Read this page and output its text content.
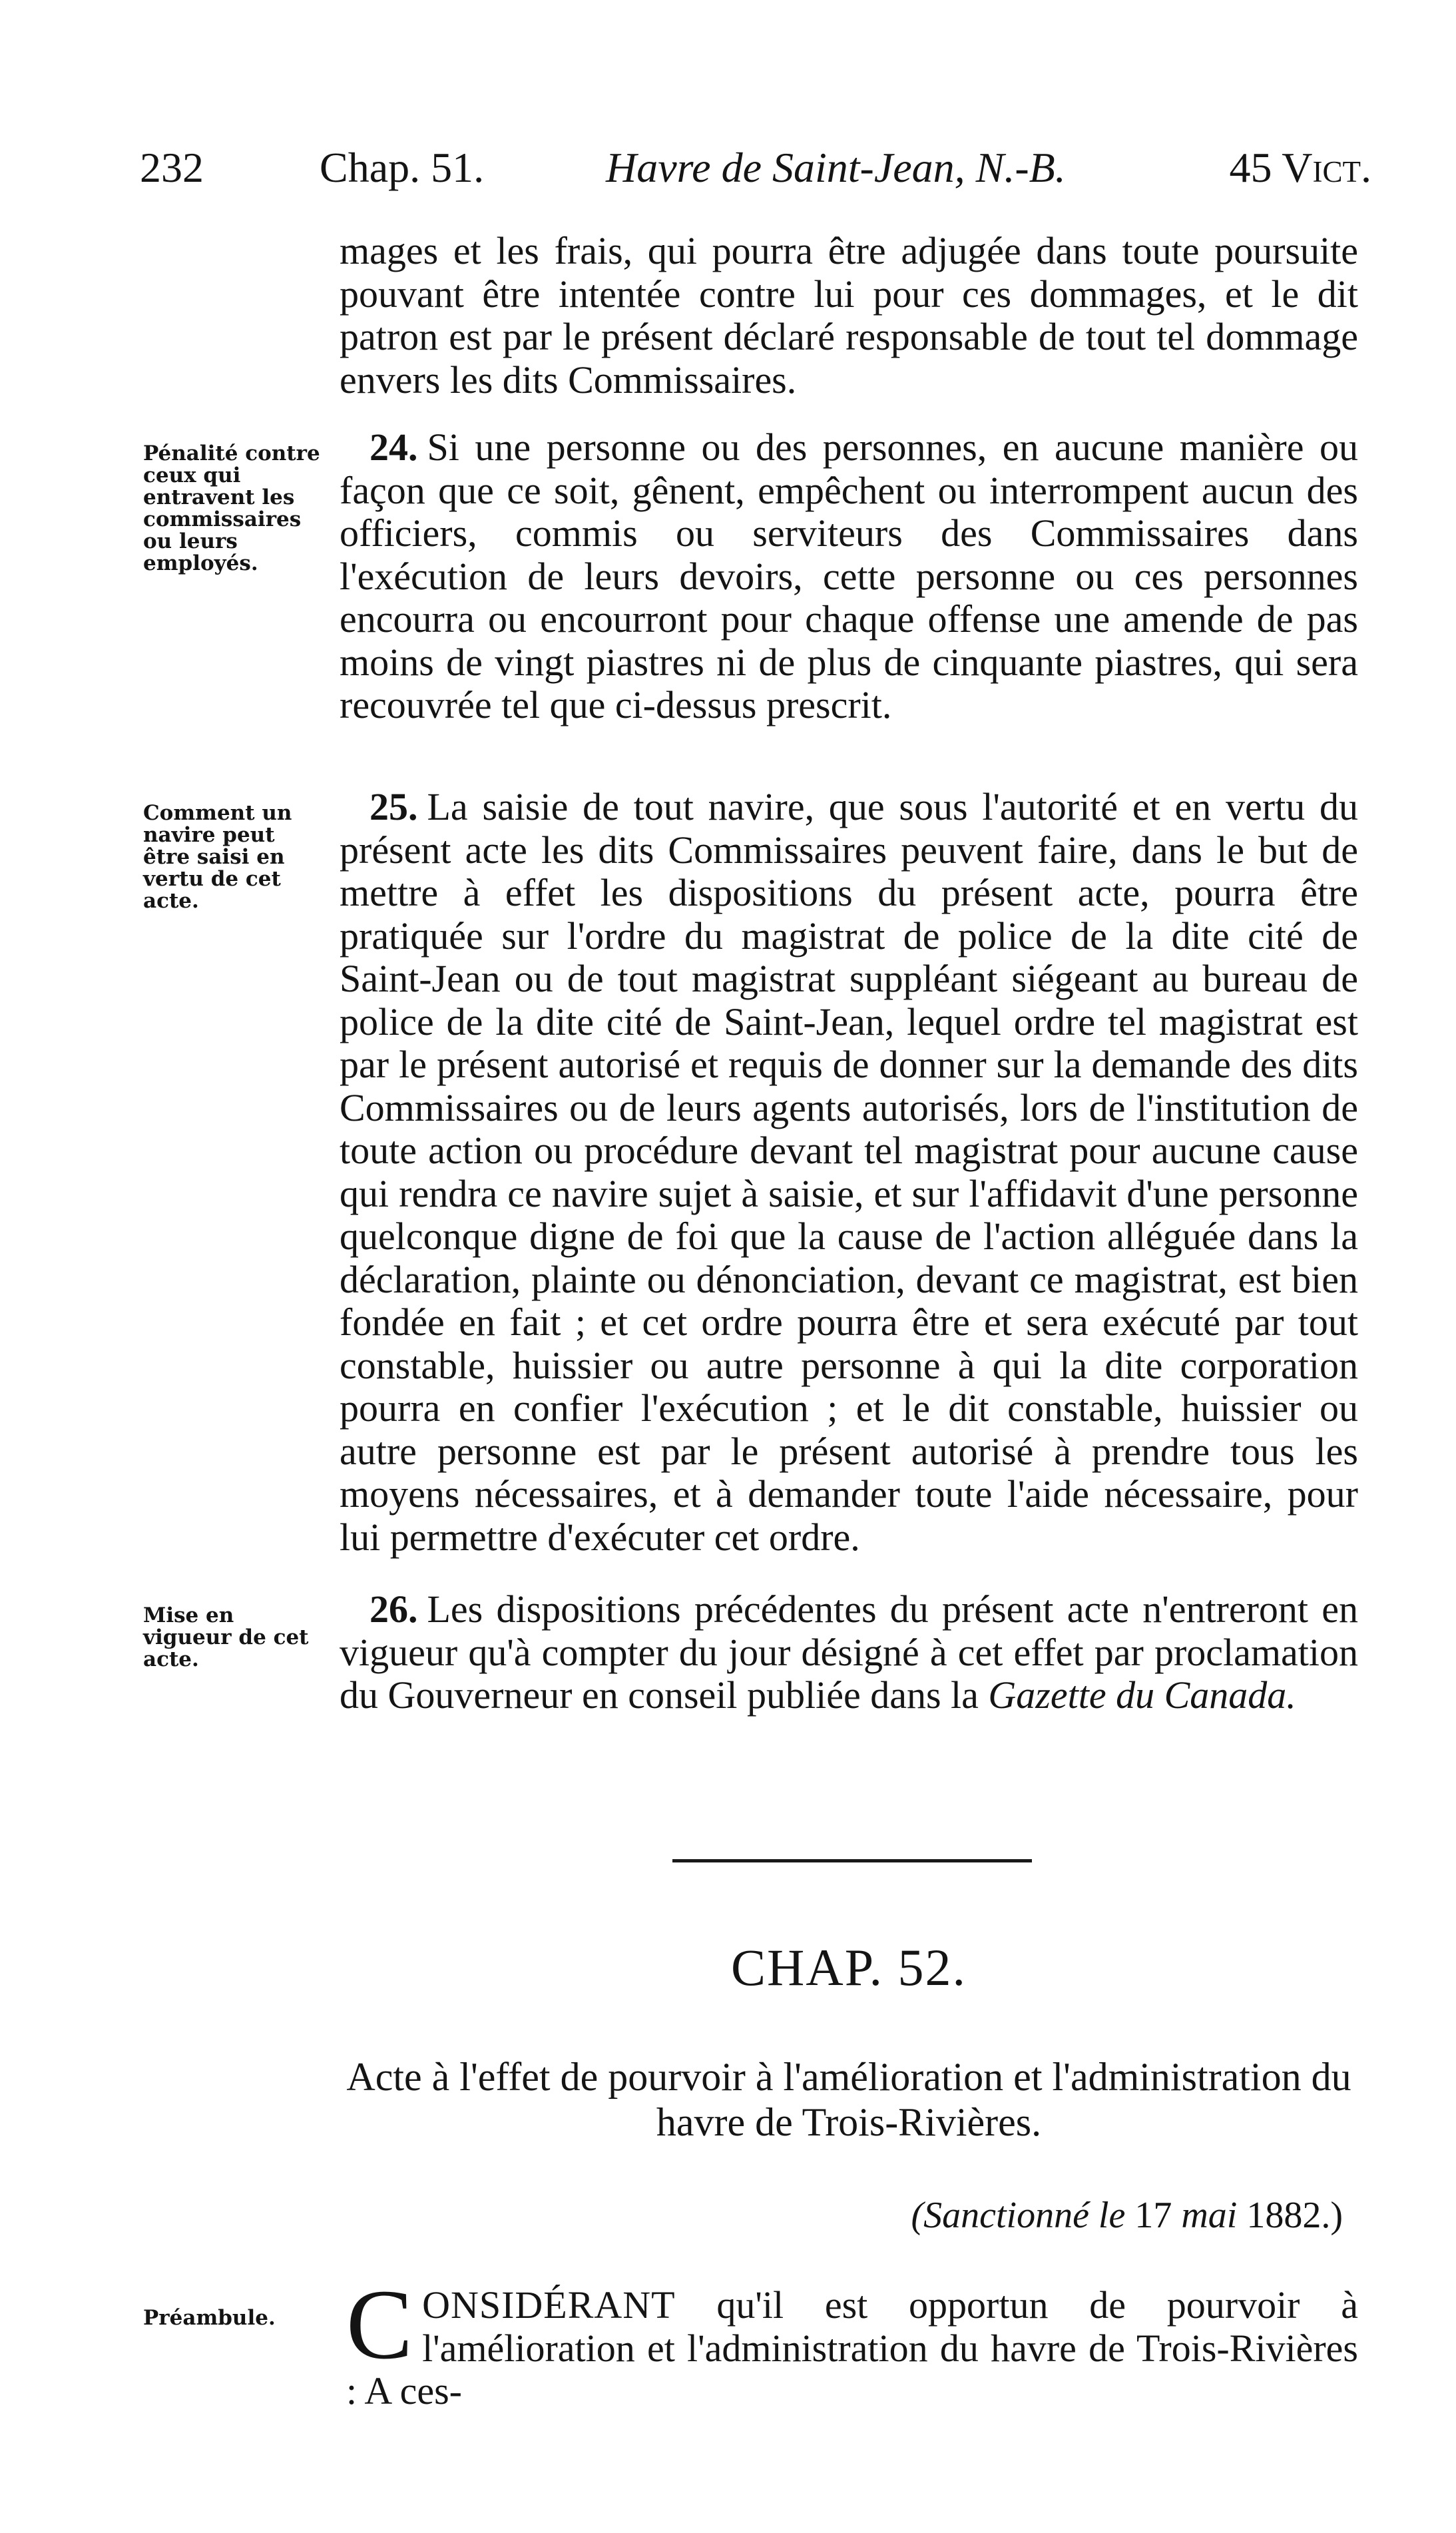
232	Chap. 51.	Havre de Saint-Jean, N.-B.	45 Vict.

mages et les frais, qui pourra être adjugée dans toute poursuite pouvant être intentée contre lui pour ces dommages, et le dit patron est par le présent déclaré responsable de tout tel dommage envers les dits Commissaires.

Pénalité contre ceux qui entravent les commissaires ou leurs employés.

24. Si une personne ou des personnes, en aucune manière ou façon que ce soit, gênent, empêchent ou interrompent aucun des officiers, commis ou serviteurs des Commissaires dans l'exécution de leurs devoirs, cette personne ou ces personnes encourra ou encourront pour chaque offense une amende de pas moins de vingt piastres ni de plus de cinquante piastres, qui sera recouvrée tel que ci-dessus prescrit.

Comment un navire peut être saisi en vertu de cet acte.

25. La saisie de tout navire, que sous l'autorité et en vertu du présent acte les dits Commissaires peuvent faire, dans le but de mettre à effet les dispositions du présent acte, pourra être pratiquée sur l'ordre du magistrat de police de la dite cité de Saint-Jean ou de tout magistrat suppléant siégeant au bureau de police de la dite cité de Saint-Jean, lequel ordre tel magistrat est par le présent autorisé et requis de donner sur la demande des dits Commissaires ou de leurs agents autorisés, lors de l'institution de toute action ou procédure devant tel magistrat pour aucune cause qui rendra ce navire sujet à saisie, et sur l'affidavit d'une personne quelconque digne de foi que la cause de l'action alléguée dans la déclaration, plainte ou dénonciation, devant ce magistrat, est bien fondée en fait ; et cet ordre pourra être et sera exécuté par tout constable, huissier ou autre personne à qui la dite corporation pourra en confier l'exécution ; et le dit constable, huissier ou autre personne est par le présent autorisé à prendre tous les moyens nécessaires, et à demander toute l'aide nécessaire, pour lui permettre d'exécuter cet ordre.

Mise en vigueur de cet acte.

26. Les dispositions précédentes du présent acte n'entreront en vigueur qu'à compter du jour désigné à cet effet par proclamation du Gouverneur en conseil publiée dans la Gazette du Canada.

CHAP. 52.
Acte à l'effet de pourvoir à l'amélioration et l'administration du havre de Trois-Rivières.
(Sanctionné le 17 mai 1882.)
Préambule. CONSIDÉRANT qu'il est opportun de pourvoir à l'amélioration et l'administration du havre de Trois-Rivières : A ces-
